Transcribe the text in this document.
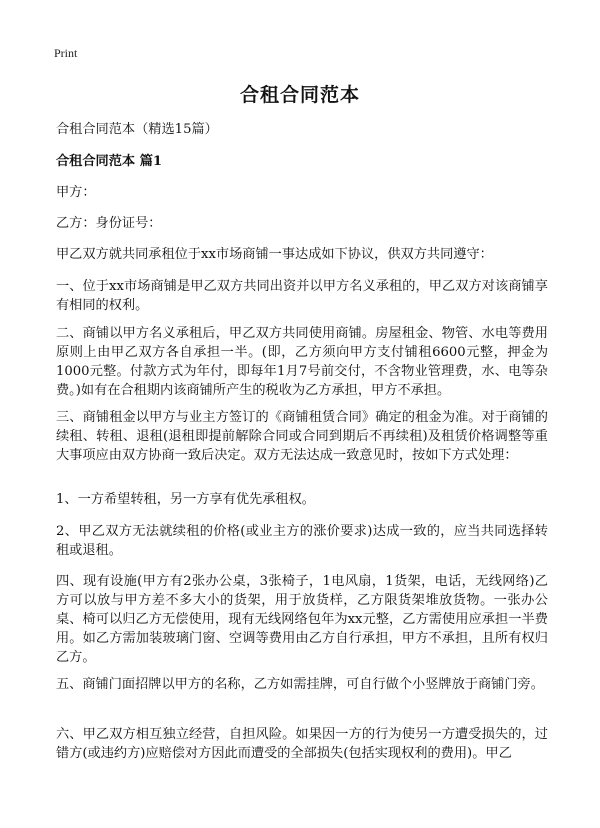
Print
合租合同范本

合租合同范本（精选15篇）

合租合同范本 篇1

甲方：

乙方：身份证号：

甲乙双方就共同承租位于xx市场商铺一事达成如下协议，供双方共同遵守：

一、位于xx市场商铺是甲乙双方共同出资并以甲方名义承租的，甲乙双方对该商铺享有相同的权利。

二、商铺以甲方名义承租后，甲乙双方共同使用商铺。房屋租金、物管、水电等费用原则上由甲乙双方各自承担一半。(即，乙方须向甲方支付铺租6600元整，押金为1000元整。付款方式为年付，即每年1月7号前交付，不含物业管理费，水、电等杂费。)如有在合租期内该商铺所产生的税收为乙方承担，甲方不承担。

三、商铺租金以甲方与业主方签订的《商铺租赁合同》确定的租金为准。对于商铺的续租、转租、退租(退租即提前解除合同或合同到期后不再续租)及租赁价格调整等重大事项应由双方协商一致后决定。双方无法达成一致意见时，按如下方式处理：

1、一方希望转租，另一方享有优先承租权。

2、甲乙双方无法就续租的价格(或业主方的涨价要求)达成一致的，应当共同选择转租或退租。

四、现有设施(甲方有2张办公桌，3张椅子，1电风扇，1货架，电话，无线网络)乙方可以放与甲方差不多大小的货架，用于放货样，乙方限货架堆放货物。一张办公桌、椅可以归乙方无偿使用，现有无线网络包年为xx元整，乙方需使用应承担一半费用。如乙方需加装玻璃门窗、空调等费用由乙方自行承担，甲方不承担，且所有权归乙方。

五、商铺门面招牌以甲方的名称，乙方如需挂牌，可自行做个小竖牌放于商铺门旁。

六、甲乙双方相互独立经营，自担风险。如果因一方的行为使另一方遭受损失的，过错方(或违约方)应赔偿对方因此而遭受的全部损失(包括实现权利的费用)。甲乙
